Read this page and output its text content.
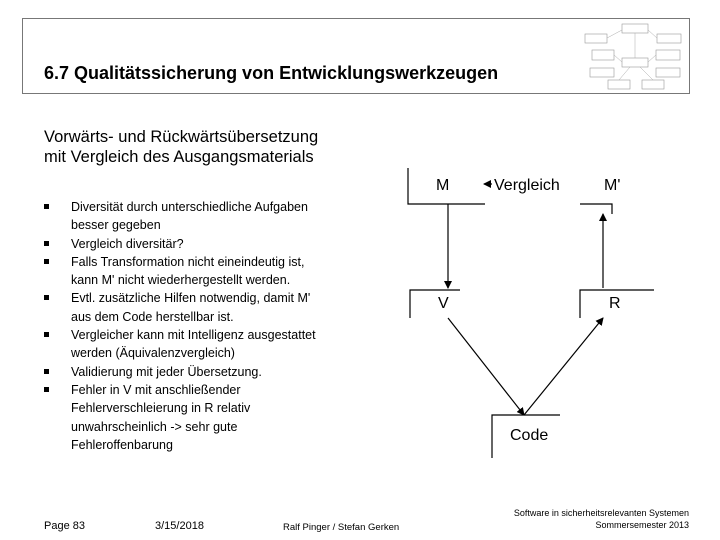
6.7 Qualitätssicherung von Entwicklungswerkzeugen
Vorwärts- und Rückwärtsübersetzung
mit Vergleich des Ausgangsmaterials
Diversität durch unterschiedliche Aufgaben
besser gegeben
Vergleich diversitär?
Falls Transformation nicht eineindeutig ist,
kann M' nicht wiederhergestellt werden.
Evtl. zusätzliche Hilfen notwendig, damit M'
aus dem Code herstellbar ist.
Vergleicher kann mit Intelligenz ausgestattet
werden (Äquivalenzvergleich)
Validierung mit jeder Übersetzung.
Fehler in V mit anschließender
Fehlerverschleierung in R relativ
unwahrscheinlich -> sehr gute
Fehleroffenbarung
M	Vergleich	M'
V	R
Code
Page 83	3/15/2018	Ralf Pinger / Stefan Gerken
Software in sicherheitsrelevanten Systemen
Sommersemester 2013
